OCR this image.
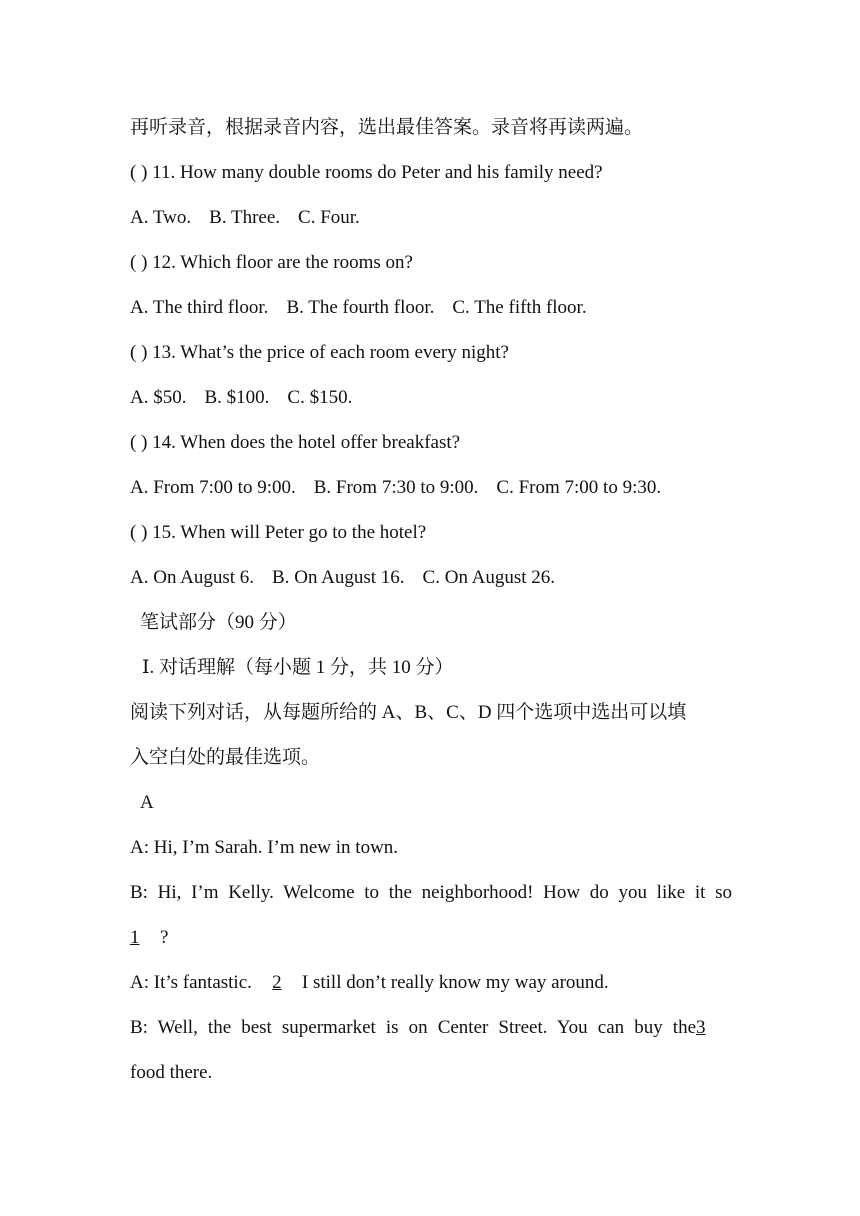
再听录音，根据录音内容，选出最佳答案。录音将再读两遍。
( ) 11. How many double rooms do Peter and his family need?
A. Two. B. Three. C. Four.
( ) 12. Which floor are the rooms on?
A. The third floor. B. The fourth floor. C. The fifth floor.
( ) 13. What’s the price of each room every night?
A. $50. B. $100. C. $150.
( ) 14. When does the hotel offer breakfast?
A. From 7:00 to 9:00. B. From 7:30 to 9:00. C. From 7:00 to 9:30.
( ) 15. When will Peter go to the hotel?
A. On August 6. B. On August 16. C. On August 26.
笔试部分（90 分）
Ⅰ. 对话理解（每小题 1 分，共 10 分）
阅读下列对话，从每题所给的 A、B、C、D 四个选项中选出可以填
入空白处的最佳选项。
A
A: Hi, I’m Sarah. I’m new in town.
B: Hi, I’m Kelly. Welcome to the neighborhood! How do you like it so
1 ?
A: It’s fantastic. 2 I still don’t really know my way around.
B: Well, the best supermarket is on Center Street. You can buy the3
food there.
